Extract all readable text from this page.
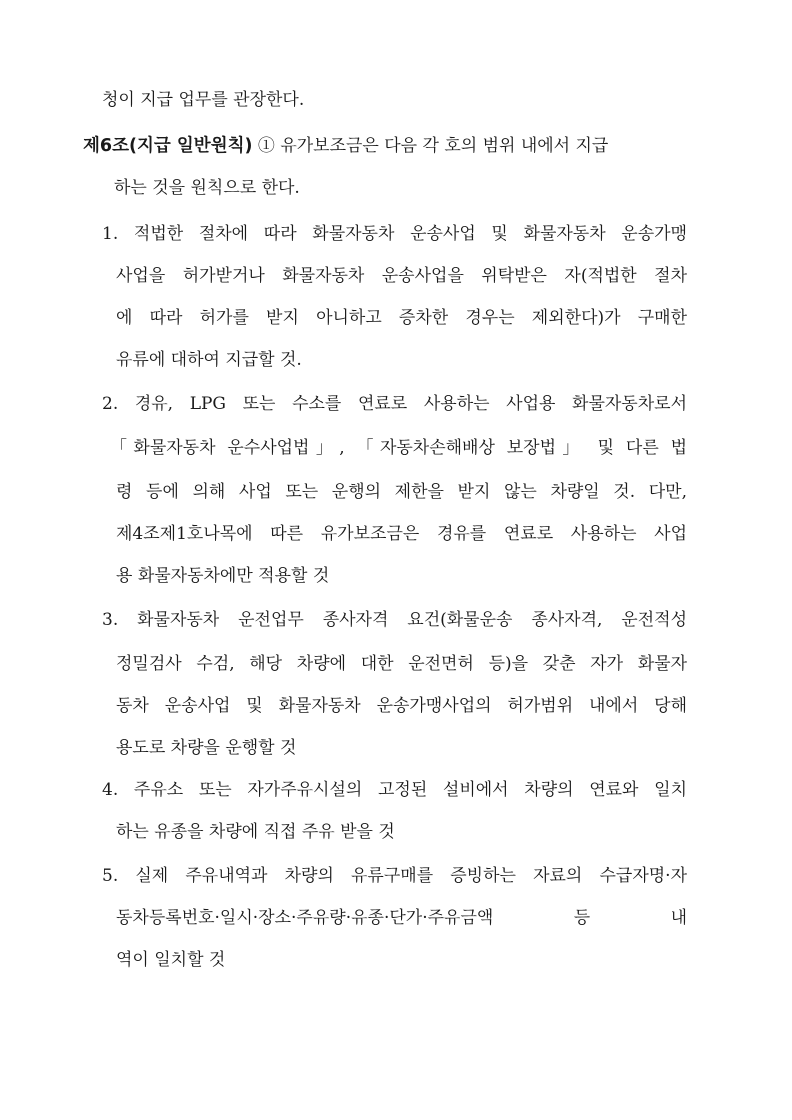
청이 지급 업무를 관장한다.
제6조(지급 일반원칙) ① 유가보조금은 다음 각 호의 범위 내에서 지급
하는 것을 원칙으로 한다.
1. 적법한 절차에 따라 화물자동차 운송사업 및 화물자동차 운송가맹
사업을 허가받거나 화물자동차 운송사업을 위탁받은 자(적법한 절차
에 따라 허가를 받지 아니하고 증차한 경우는 제외한다)가 구매한
유류에 대하여 지급할 것.
2. 경유, LPG 또는 수소를 연료로 사용하는 사업용 화물자동차로서
「화물자동차 운수사업법」, 「자동차손해배상 보장법」 및 다른 법
령 등에 의해 사업 또는 운행의 제한을 받지 않는 차량일 것. 다만,
제4조제1호나목에 따른 유가보조금은 경유를 연료로 사용하는 사업
용 화물자동차에만 적용할 것
3. 화물자동차 운전업무 종사자격 요건(화물운송 종사자격, 운전적성
정밀검사 수검, 해당 차량에 대한 운전면허 등)을 갖춘 자가 화물자
동차 운송사업 및 화물자동차 운송가맹사업의 허가범위 내에서 당해
용도로 차량을 운행할 것
4. 주유소 또는 자가주유시설의 고정된 설비에서 차량의 연료와 일치
하는 유종을 차량에 직접 주유 받을 것
5. 실제 주유내역과 차량의 유류구매를 증빙하는 자료의 수급자명·자
동차등록번호·일시·장소·주유량·유종·단가·주유금액 등 내
역이 일치할 것
